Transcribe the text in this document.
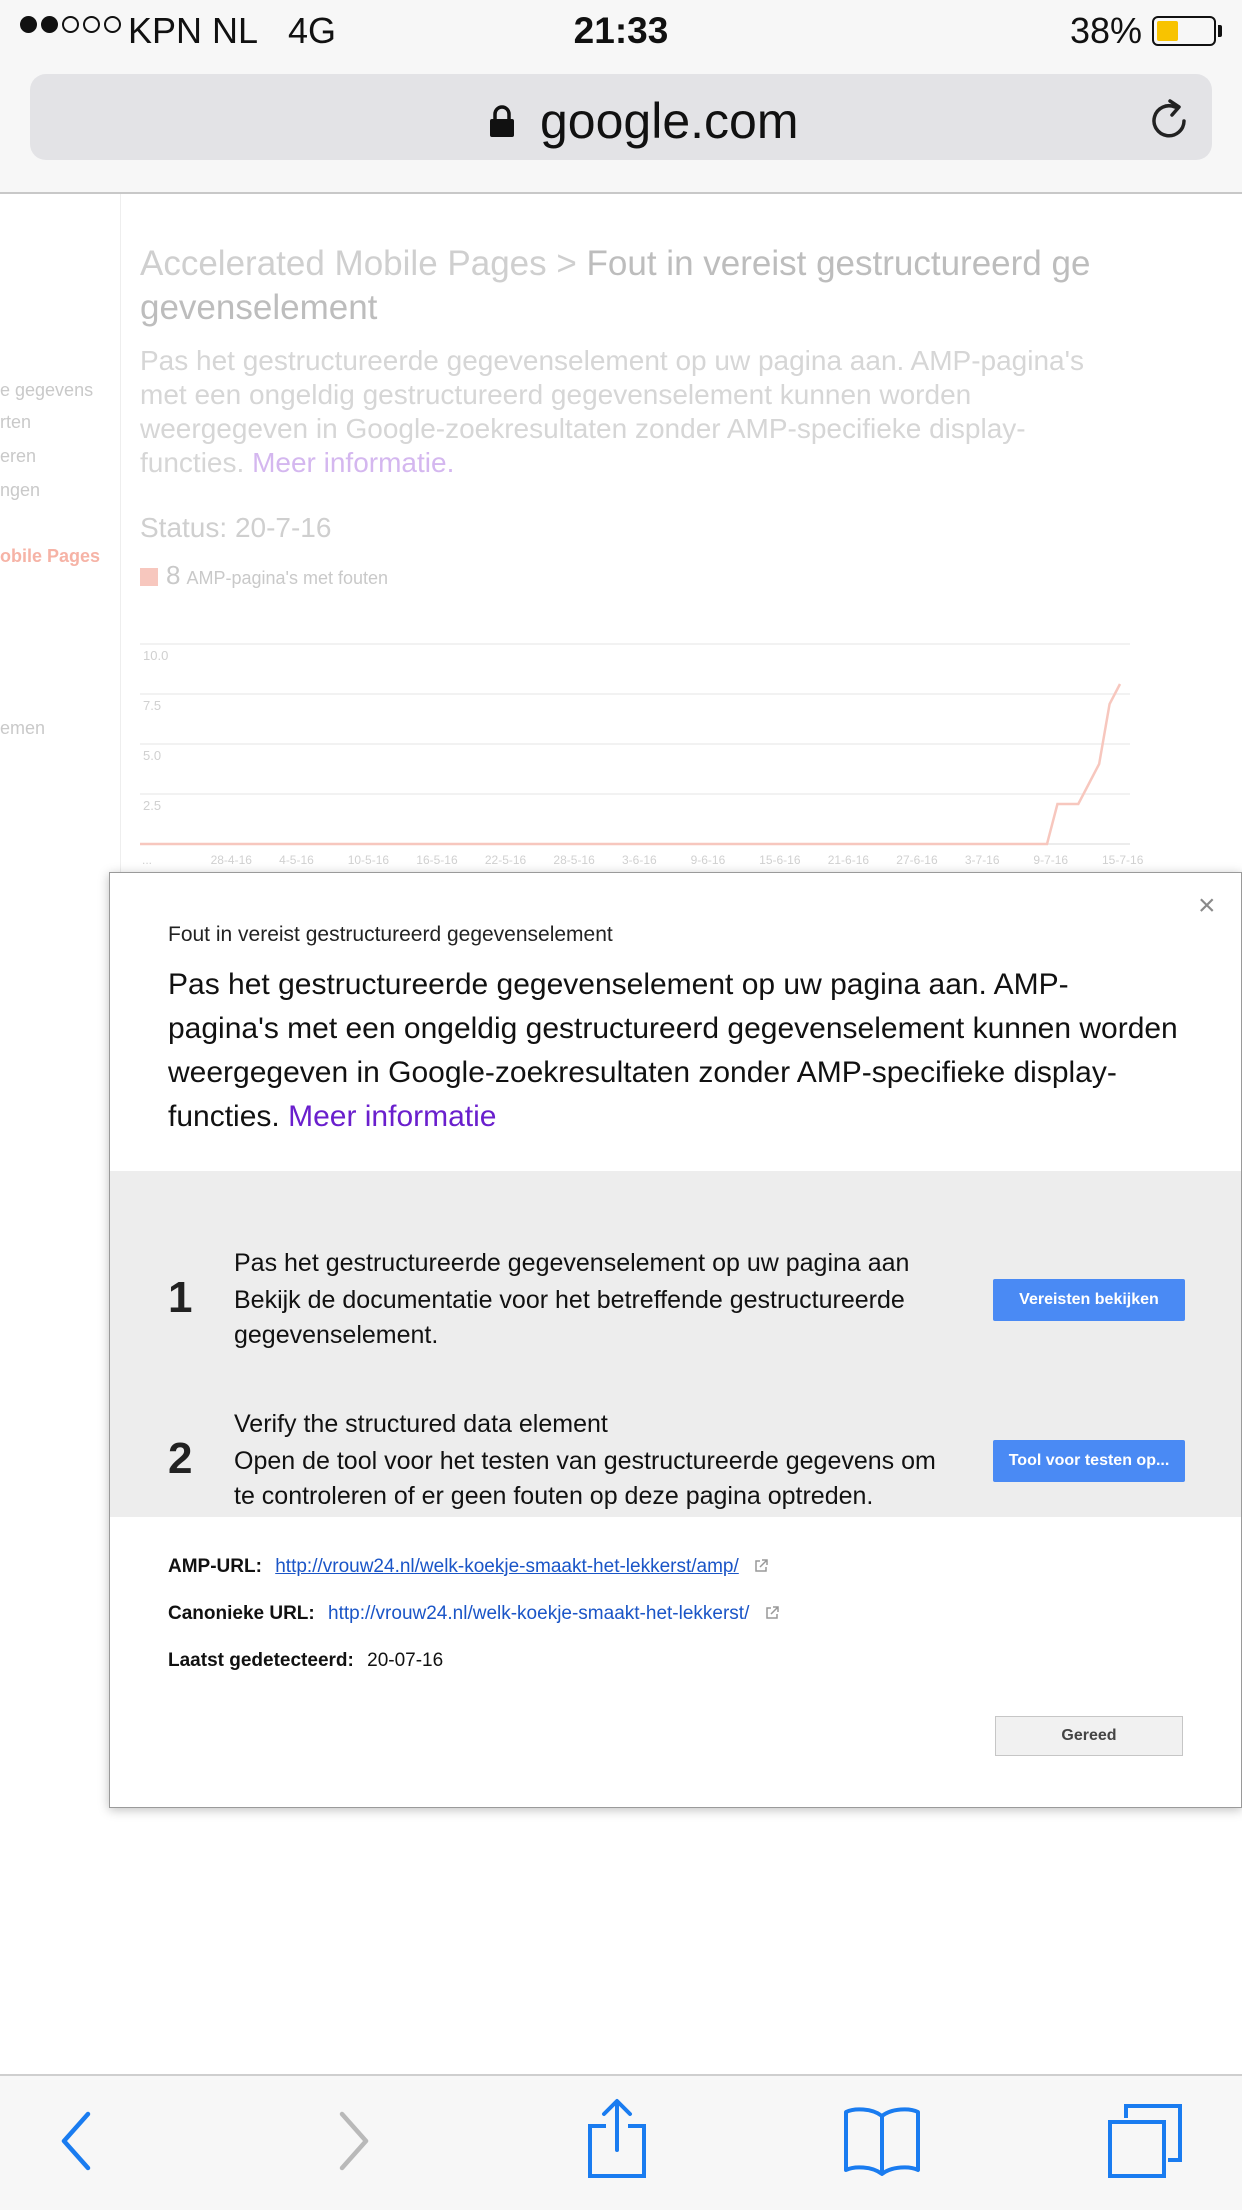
KPN NL 4G	21:33	38%
google.com
e gegevens
rten
eren
ngen
obile Pages
emen
Accelerated Mobile Pages > Fout in vereist gestructureerd ge gevenselement
Pas het gestructureerde gegevenselement op uw pagina aan. AMP-pagina's met een ongeldig gestructureerd gegevenselement kunnen worden weergegeven in Google-zoekresultaten zonder AMP-specifieke display-functies. Meer informatie.
Status: 20-7-16
8 AMP-pagina's met fouten
2.5
5.0
7.5
10.0
...	28-4-16 4-5-16	10-5-16 16-5-16 22-5-16 28-5-16 3-6-16	9-6-16	15-6-16 21-6-16 27-6-16 3-7-16	9-7-16	15-7-16
×
Fout in vereist gestructureerd gegevenselement
Pas het gestructureerde gegevenselement op uw pagina aan. AMP-pagina's met een ongeldig gestructureerd gegevenselement kunnen worden weergegeven in Google-zoekresultaten zonder AMP-specifieke display-functies. Meer informatie
1
Pas het gestructureerde gegevenselement op uw pagina aan
Bekijk de documentatie voor het betreffende gestructureerde gegevenselement.
Vereisten bekijken
2
Verify the structured data element
Open de tool voor het testen van gestructureerde gegevens om te controleren of er geen fouten op deze pagina optreden.
Tool voor testen op...
AMP-URL: http://vrouw24.nl/welk-koekje-smaakt-het-lekkerst/amp/
Canonieke URL: http://vrouw24.nl/welk-koekje-smaakt-het-lekkerst/
Laatst gedetecteerd: 20-07-16
Gereed
